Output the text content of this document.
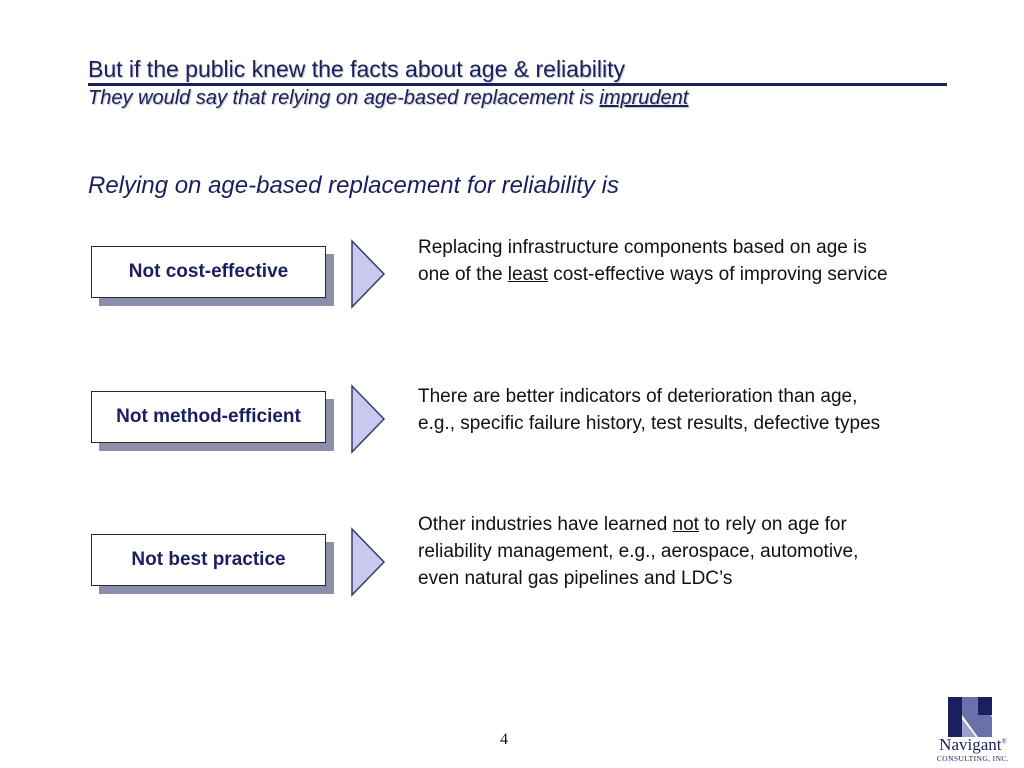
But if the public knew the facts about age & reliability
They would say that relying on age-based replacement is imprudent
Relying on age-based replacement for reliability is
Not cost-effective
Replacing infrastructure components based on age is one of the least cost-effective ways of improving service
Not method-efficient
There are better indicators of deterioration than age, e.g., specific failure history, test results, defective types
Not best practice
Other industries have learned not to rely on age for reliability management, e.g., aerospace, automotive, even natural gas pipelines and LDC’s
4	Navigant®
CONSULTING, INC.
